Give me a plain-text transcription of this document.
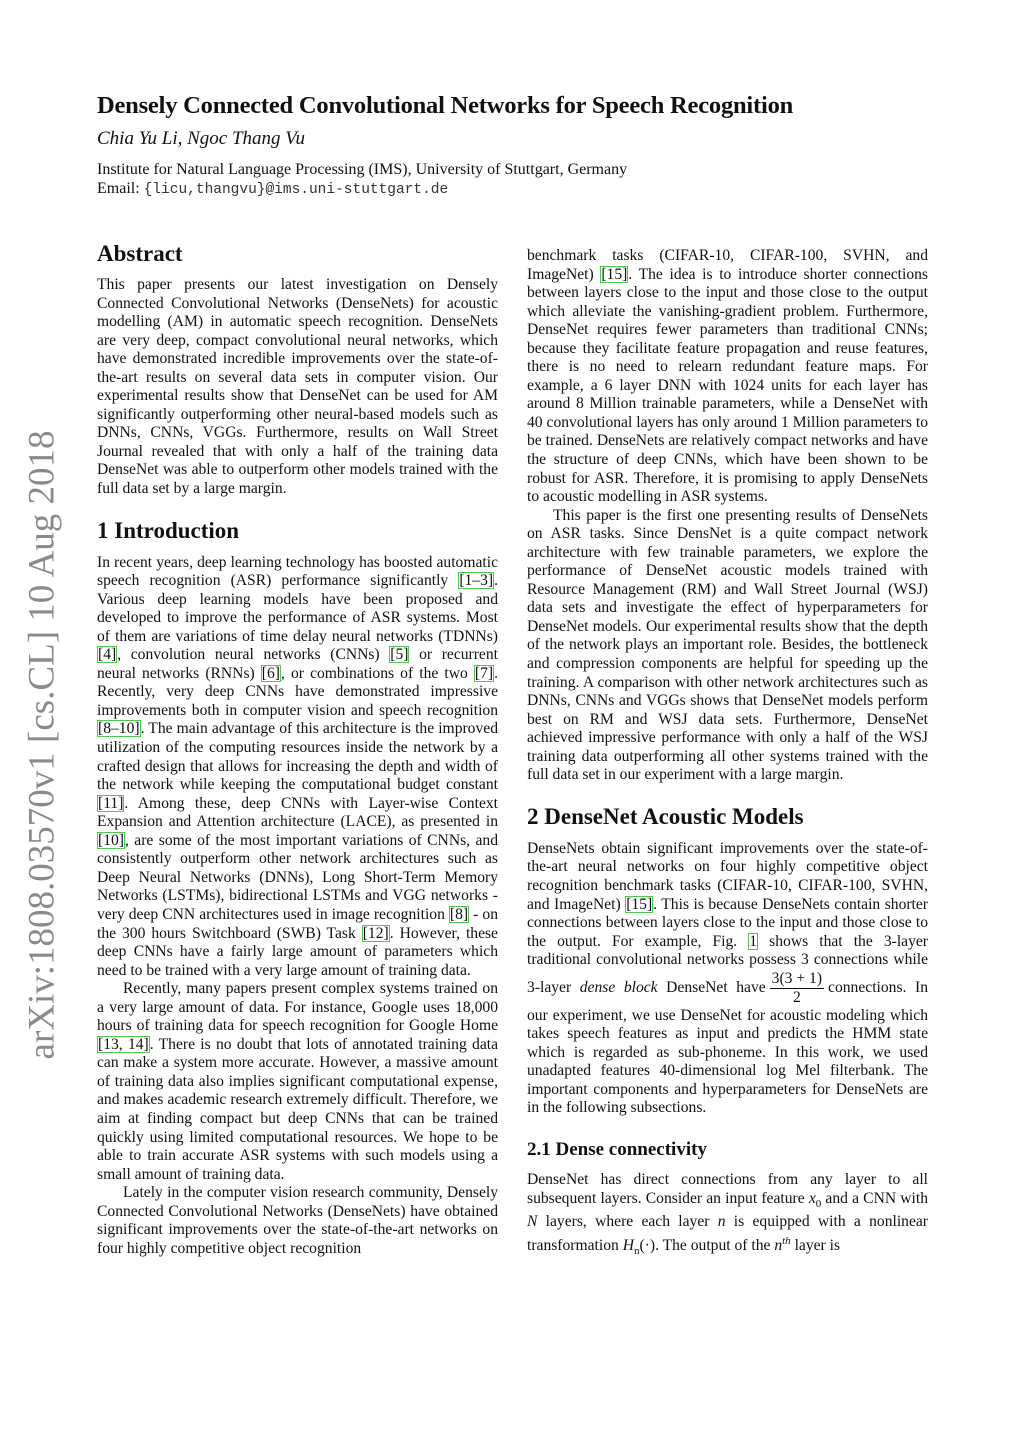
Densely Connected Convolutional Networks for Speech Recognition
Chia Yu Li, Ngoc Thang Vu
Institute for Natural Language Processing (IMS), University of Stuttgart, Germany
Email: {licu,thangvu}@ims.uni-stuttgart.de
arXiv:1808.03570v1 [cs.CL] 10 Aug 2018
Abstract

This paper presents our latest investigation on Densely Connected Convolutional Networks (DenseNets) for acoustic modelling (AM) in automatic speech recognition. DenseNets are very deep, compact convolutional neural networks, which have demonstrated incredible improvements over the state-of-the-art results on several data sets in computer vision. Our experimental results show that DenseNet can be used for AM significantly outperforming other neural-based models such as DNNs, CNNs, VGGs. Furthermore, results on Wall Street Journal revealed that with only a half of the training data DenseNet was able to outperform other models trained with the full data set by a large margin.

1 Introduction

In recent years, deep learning technology has boosted automatic speech recognition (ASR) performance significantly [1–3]. Various deep learning models have been proposed and developed to improve the performance of ASR systems. Most of them are variations of time delay neural networks (TDNNs) [4], convolution neural networks (CNNs) [5] or recurrent neural networks (RNNs) [6], or combinations of the two [7]. Recently, very deep CNNs have demonstrated impressive improvements both in computer vision and speech recognition [8–10]. The main advantage of this architecture is the improved utilization of the computing resources inside the network by a crafted design that allows for increasing the depth and width of the network while keeping the computational budget constant [11]. Among these, deep CNNs with Layer-wise Context Expansion and Attention architecture (LACE), as presented in [10], are some of the most important variations of CNNs, and consistently outperform other network architectures such as Deep Neural Networks (DNNs), Long Short-Term Memory Networks (LSTMs), bidirectional LSTMs and VGG networks - very deep CNN architectures used in image recognition [8] - on the 300 hours Switchboard (SWB) Task [12]. However, these deep CNNs have a fairly large amount of parameters which need to be trained with a very large amount of training data.

Recently, many papers present complex systems trained on a very large amount of data. For instance, Google uses 18,000 hours of training data for speech recognition for Google Home [13, 14]. There is no doubt that lots of annotated training data can make a system more accurate. However, a massive amount of training data also implies significant computational expense, and makes academic research extremely difficult. Therefore, we aim at finding compact but deep CNNs that can be trained quickly using limited computational resources. We hope to be able to train accurate ASR systems with such models using a small amount of training data.

Lately in the computer vision research community, Densely Connected Convolutional Networks (DenseNets) have obtained significant improvements over the state-of-the-art networks on four highly competitive object recognition

benchmark tasks (CIFAR-10, CIFAR-100, SVHN, and ImageNet) [15]. The idea is to introduce shorter connections between layers close to the input and those close to the output which alleviate the vanishing-gradient problem. Furthermore, DenseNet requires fewer parameters than traditional CNNs; because they facilitate feature propagation and reuse features, there is no need to relearn redundant feature maps. For example, a 6 layer DNN with 1024 units for each layer has around 8 Million trainable parameters, while a DenseNet with 40 convolutional layers has only around 1 Million parameters to be trained. DenseNets are relatively compact networks and have the structure of deep CNNs, which have been shown to be robust for ASR. Therefore, it is promising to apply DenseNets to acoustic modelling in ASR systems.

This paper is the first one presenting results of DenseNets on ASR tasks. Since DensNet is a quite compact network architecture with few trainable parameters, we explore the performance of DenseNet acoustic models trained with Resource Management (RM) and Wall Street Journal (WSJ) data sets and investigate the effect of hyperparameters for DenseNet models. Our experimental results show that the depth of the network plays an important role. Besides, the bottleneck and compression components are helpful for speeding up the training. A comparison with other network architectures such as DNNs, CNNs and VGGs shows that DenseNet models perform best on RM and WSJ data sets. Furthermore, DenseNet achieved impressive performance with only a half of the WSJ training data outperforming all other systems trained with the full data set in our experiment with a large margin.

2 DenseNet Acoustic Models

DenseNets obtain significant improvements over the state-of-the-art neural networks on four highly competitive object recognition benchmark tasks (CIFAR-10, CIFAR-100, SVHN, and ImageNet) [15]. This is because DenseNets contain shorter connections between layers close to the input and those close to the output. For example, Fig. 1 shows that the 3-layer traditional convolutional networks possess 3 connections while 3-layer dense block DenseNet have $\frac{3(3 + 1)}{2}$ connections. In our experiment, we use DenseNet for acoustic modeling which takes speech features as input and predicts the HMM state which is regarded as sub-phoneme. In this work, we used unadapted features 40-dimensional log Mel filterbank. The important components and hyperparameters for DenseNets are in the following subsections.

2.1 Dense connectivity

DenseNet has direct connections from any layer to all subsequent layers. Consider an input feature $x_0$ and a CNN with N layers, where each layer n is equipped with a nonlinear transformation $H_n(\cdot)$. The output of the $n^{th}$ layer is
